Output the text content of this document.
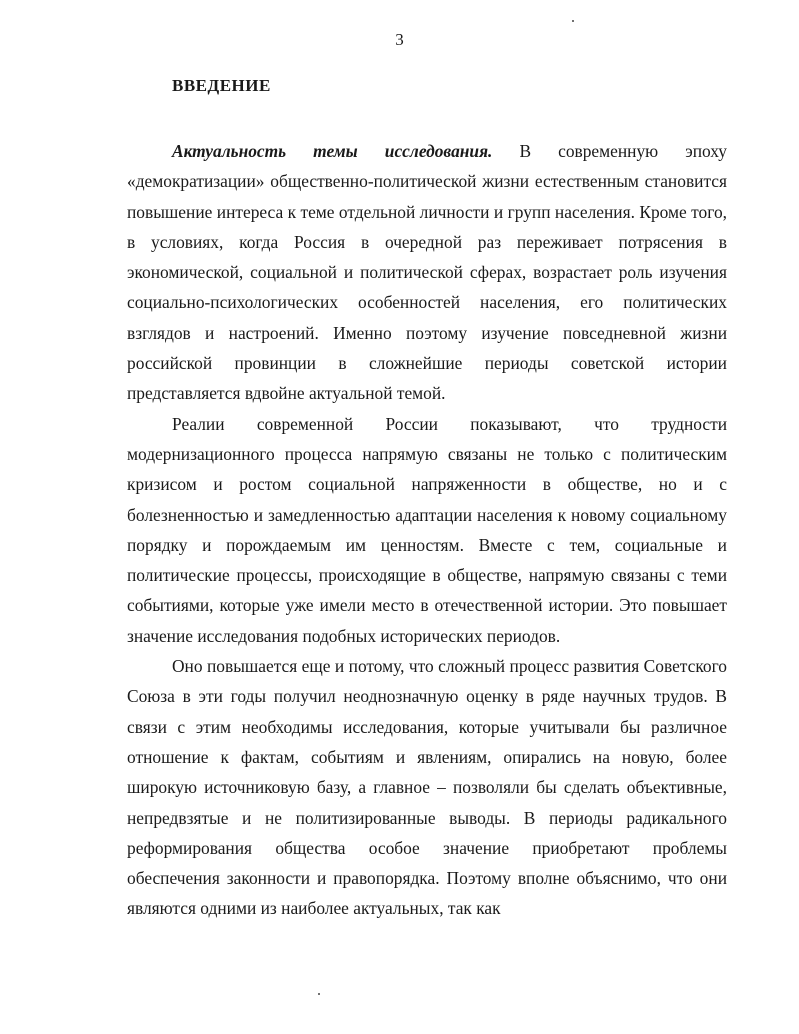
3
ВВЕДЕНИЕ

Актуальность темы исследования. В современную эпоху «демократизации» общественно-политической жизни естественным становится повышение интереса к теме отдельной личности и групп населения. Кроме того, в условиях, когда Россия в очередной раз переживает потрясения в экономической, социальной и политической сферах, возрастает роль изучения социально-психологических особенностей населения, его политических взглядов и настроений. Именно поэтому изучение повседневной жизни российской провинции в сложнейшие периоды советской истории представляется вдвойне актуальной темой.

Реалии современной России показывают, что трудности модернизационного процесса напрямую связаны не только с политическим кризисом и ростом социальной напряженности в обществе, но и с болезненностью и замедленностью адаптации населения к новому социальному порядку и порождаемым им ценностям. Вместе с тем, социальные и политические процессы, происходящие в обществе, напрямую связаны с теми событиями, которые уже имели место в отечественной истории. Это повышает значение исследования подобных исторических периодов.

Оно повышается еще и потому, что сложный процесс развития Советского Союза в эти годы получил неоднозначную оценку в ряде научных трудов. В связи с этим необходимы исследования, которые учитывали бы различное отношение к фактам, событиям и явлениям, опирались на новую, более широкую источниковую базу, а главное – позволяли бы сделать объективные, непредвзятые и не политизированные выводы. В периоды радикального реформирования общества особое значение приобретают проблемы обеспечения законности и правопорядка. Поэтому вполне объяснимо, что они являются одними из наиболее актуальных, так как
